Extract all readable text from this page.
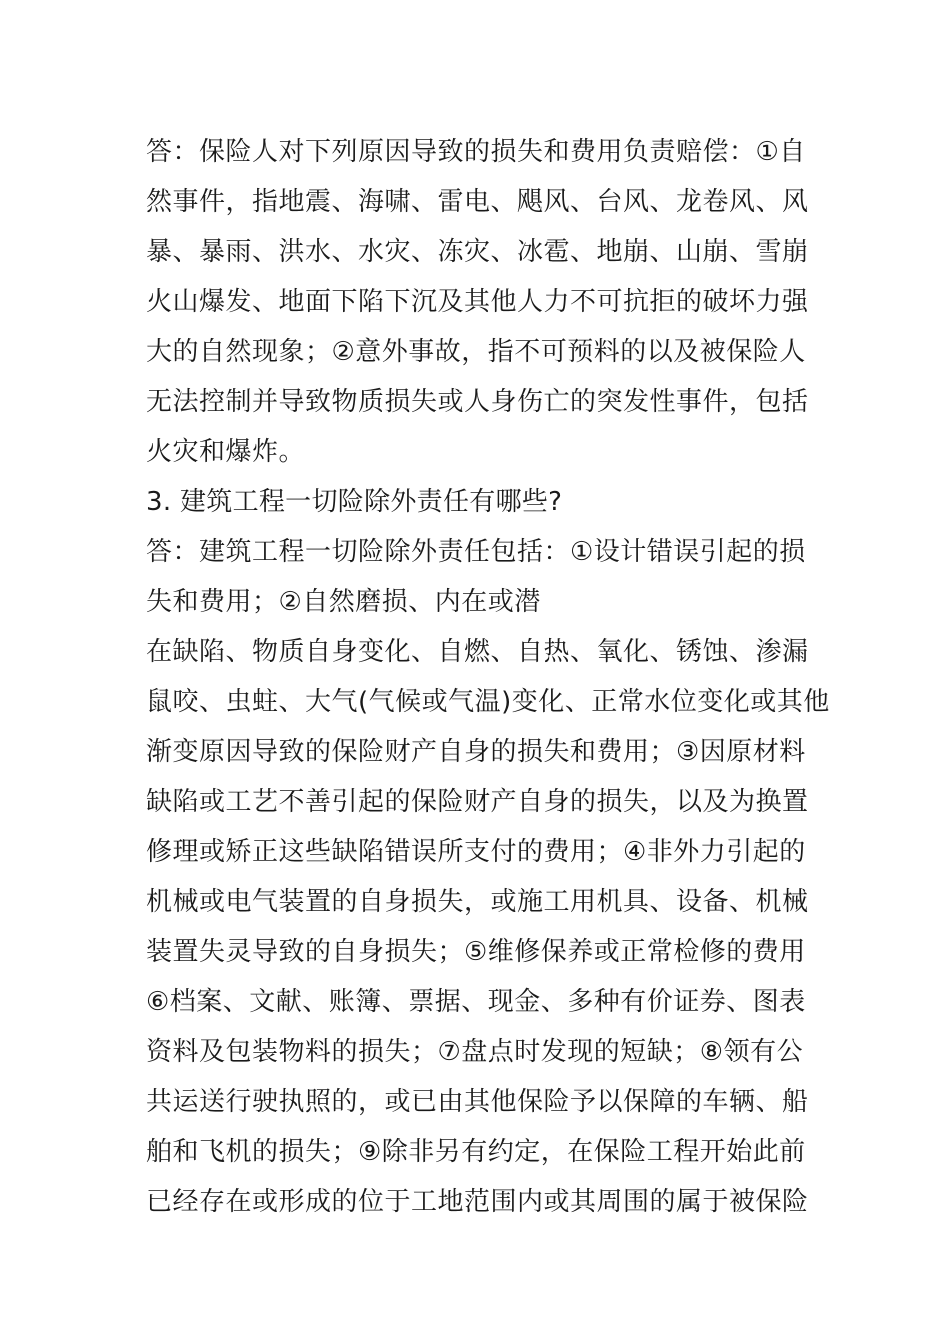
答：保险人对下列原因导致的损失和费用负责赔偿：①自
然事件，指地震、海啸、雷电、飓风、台风、龙卷风、风
暴、暴雨、洪水、水灾、冻灾、冰雹、地崩、山崩、雪崩
火山爆发、地面下陷下沉及其他人力不可抗拒的破坏力强
大的自然现象；②意外事故，指不可预料的以及被保险人
无法控制并导致物质损失或人身伤亡的突发性事件，包括
火灾和爆炸。
3. 建筑工程一切险除外责任有哪些?
答：建筑工程一切险除外责任包括：①设计错误引起的损
失和费用；②自然磨损、内在或潜
在缺陷、物质自身变化、自燃、自热、氧化、锈蚀、渗漏
鼠咬、虫蛀、大气(气候或气温)变化、正常水位变化或其他
渐变原因导致的保险财产自身的损失和费用；③因原材料
缺陷或工艺不善引起的保险财产自身的损失，以及为换置
修理或矫正这些缺陷错误所支付的费用；④非外力引起的
机械或电气装置的自身损失，或施工用机具、设备、机械
装置失灵导致的自身损失；⑤维修保养或正常检修的费用
⑥档案、文献、账簿、票据、现金、多种有价证券、图表
资料及包装物料的损失；⑦盘点时发现的短缺；⑧领有公
共运送行驶执照的，或已由其他保险予以保障的车辆、船
舶和飞机的损失；⑨除非另有约定，在保险工程开始此前
已经存在或形成的位于工地范围内或其周围的属于被保险
